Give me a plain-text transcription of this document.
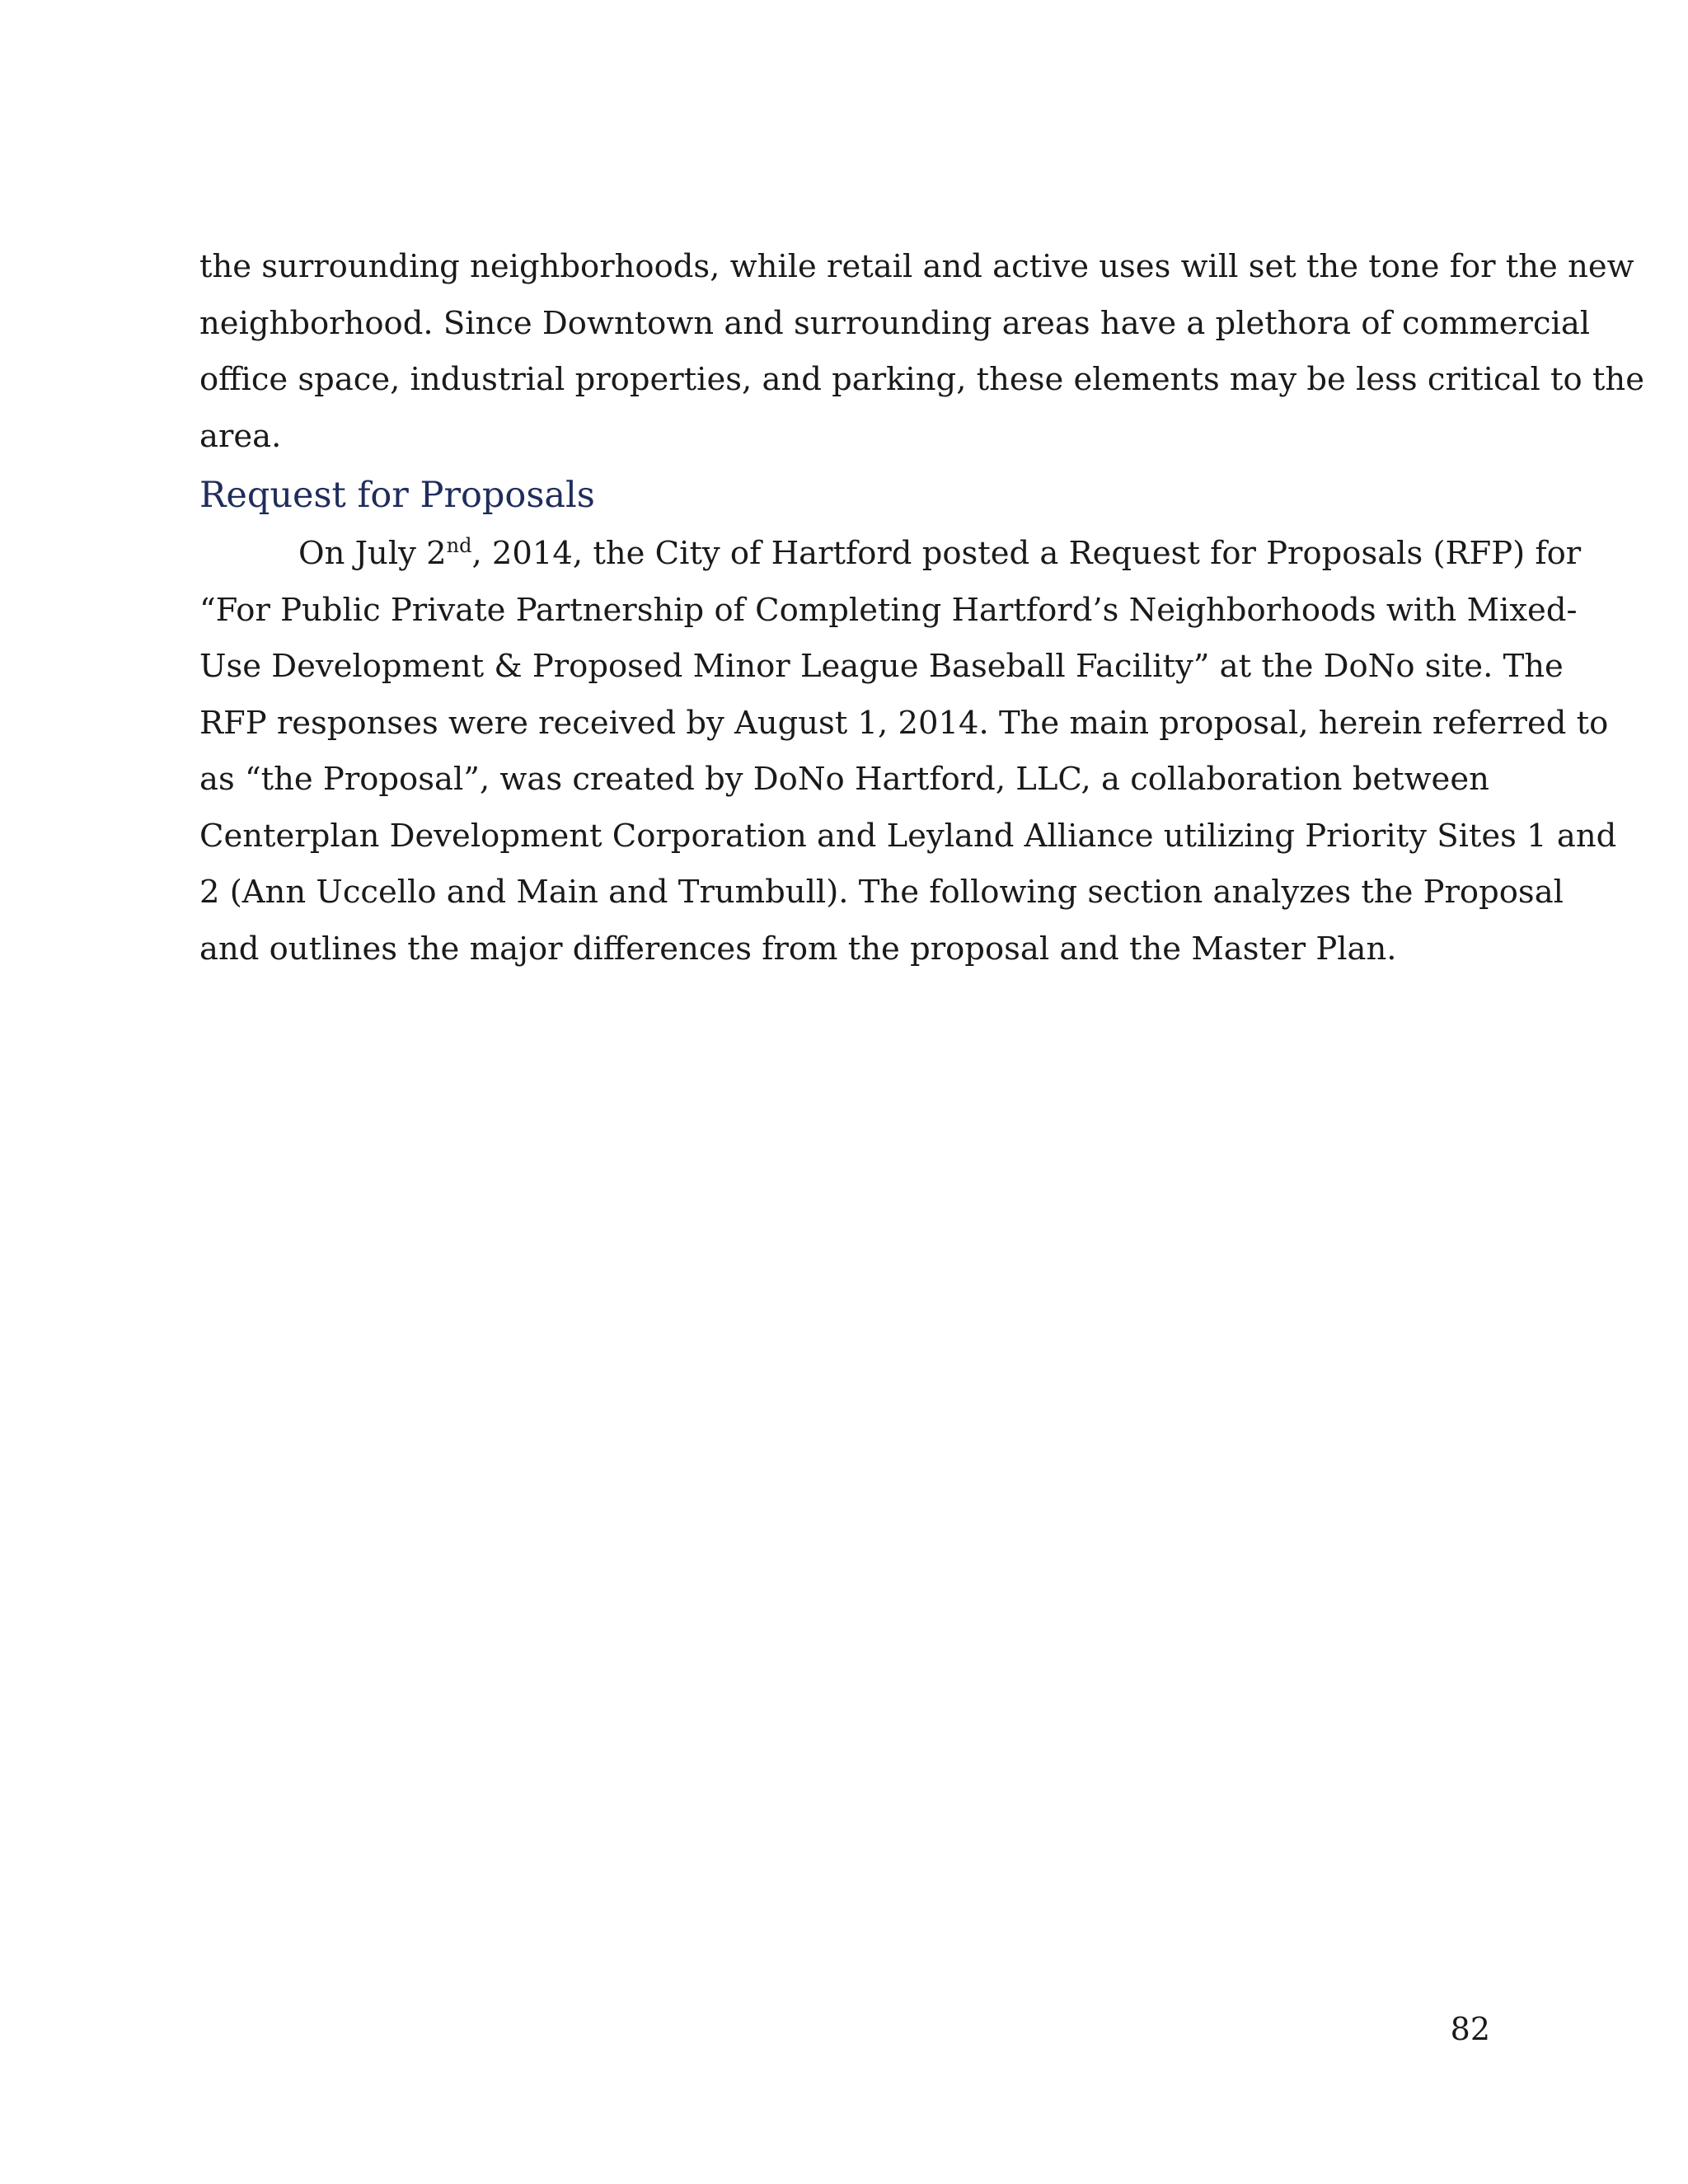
the surrounding neighborhoods, while retail and active uses will set the tone for the new
neighborhood. Since Downtown and surrounding areas have a plethora of commercial
office space, industrial properties, and parking, these elements may be less critical to the
area.
Request for Proposals
On July 2nd, 2014, the City of Hartford posted a Request for Proposals (RFP) for
“For Public Private Partnership of Completing Hartford’s Neighborhoods with Mixed-
Use Development & Proposed Minor League Baseball Facility” at the DoNo site. The
RFP responses were received by August 1, 2014. The main proposal, herein referred to
as “the Proposal”, was created by DoNo Hartford, LLC, a collaboration between
Centerplan Development Corporation and Leyland Alliance utilizing Priority Sites 1 and
2 (Ann Uccello and Main and Trumbull). The following section analyzes the Proposal
and outlines the major differences from the proposal and the Master Plan.
82
